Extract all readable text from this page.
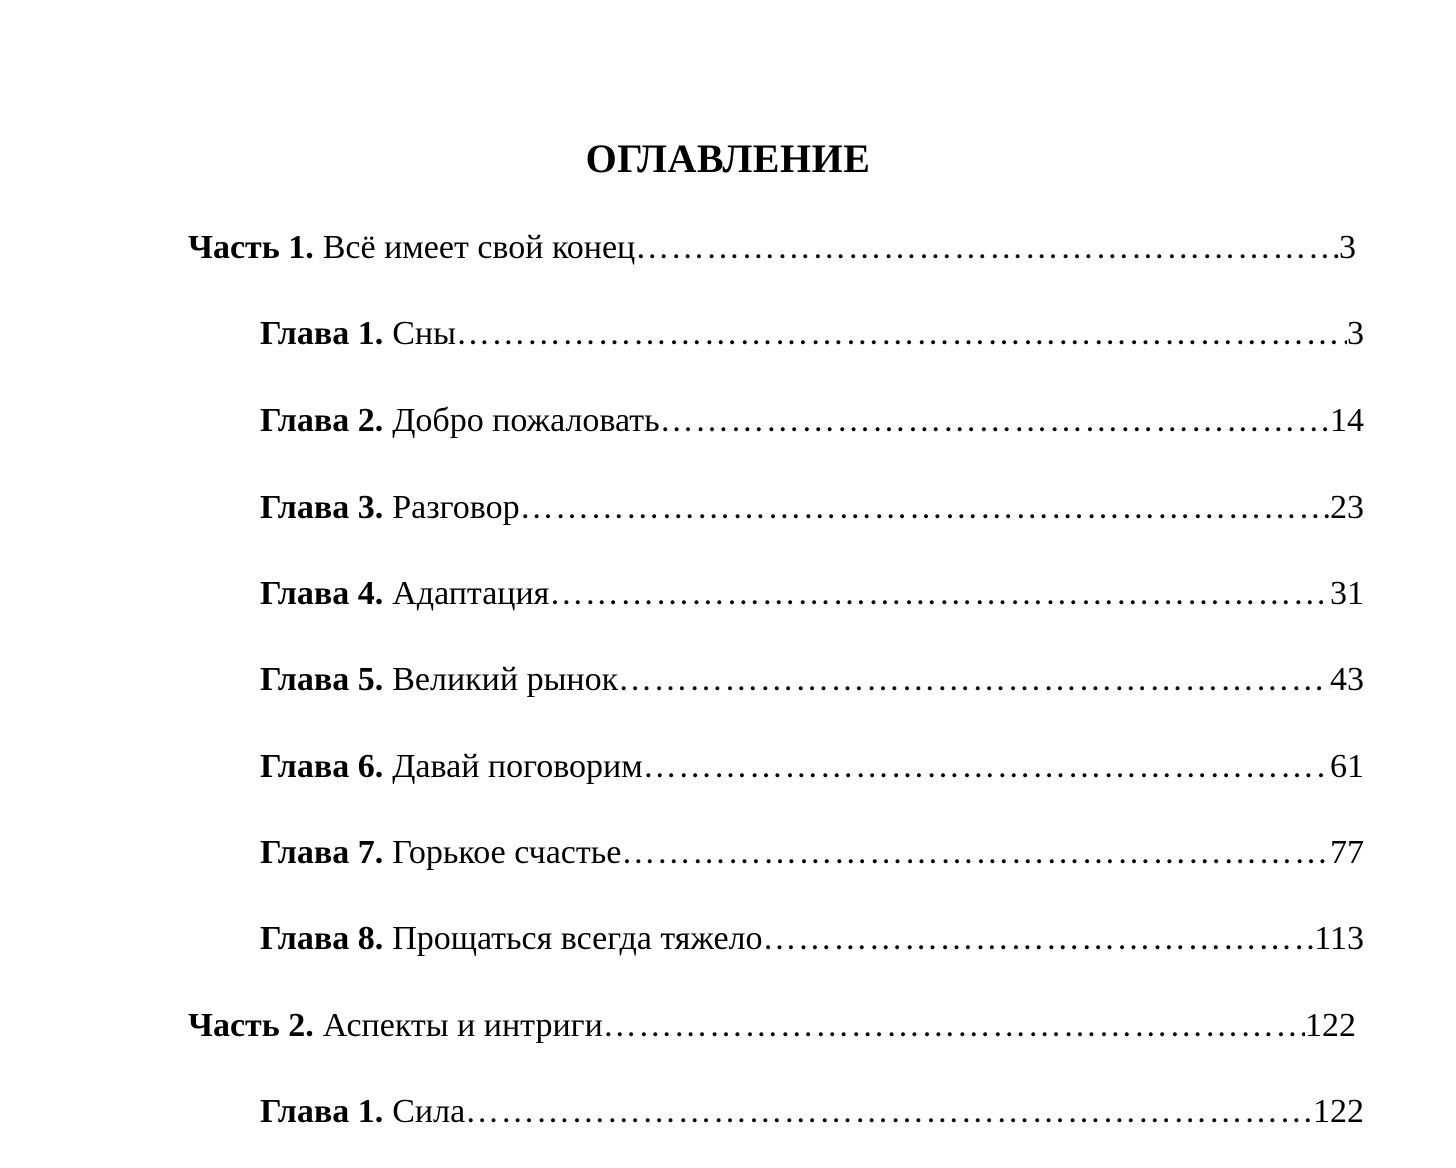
ОГЛАВЛЕНИЕ
Часть 1. Всё имеет свой конец …………………………………………………………………………………………………………………………………………………………………………………………………………………………	3
Глава 1. Сны …………………………………………………………………………………………………………………………………………………………………………………………………………………………	3
Глава 2. Добро пожаловать …………………………………………………………………………………………………………………………………………………………………………………………………………………………	14
Глава 3. Разговор …………………………………………………………………………………………………………………………………………………………………………………………………………………………	23
Глава 4. Адаптация …………………………………………………………………………………………………………………………………………………………………………………………………………………………	31
Глава 5. Великий рынок …………………………………………………………………………………………………………………………………………………………………………………………………………………………	43
Глава 6. Давай поговорим …………………………………………………………………………………………………………………………………………………………………………………………………………………………	61
Глава 7. Горькое счастье …………………………………………………………………………………………………………………………………………………………………………………………………………………………	77
Глава 8. Прощаться всегда тяжело …………………………………………………………………………………………………………………………………………………………………………………………………………………………	113
Часть 2. Аспекты и интриги …………………………………………………………………………………………………………………………………………………………………………………………………………………………	122
Глава 1. Сила …………………………………………………………………………………………………………………………………………………………………………………………………………………………	122
